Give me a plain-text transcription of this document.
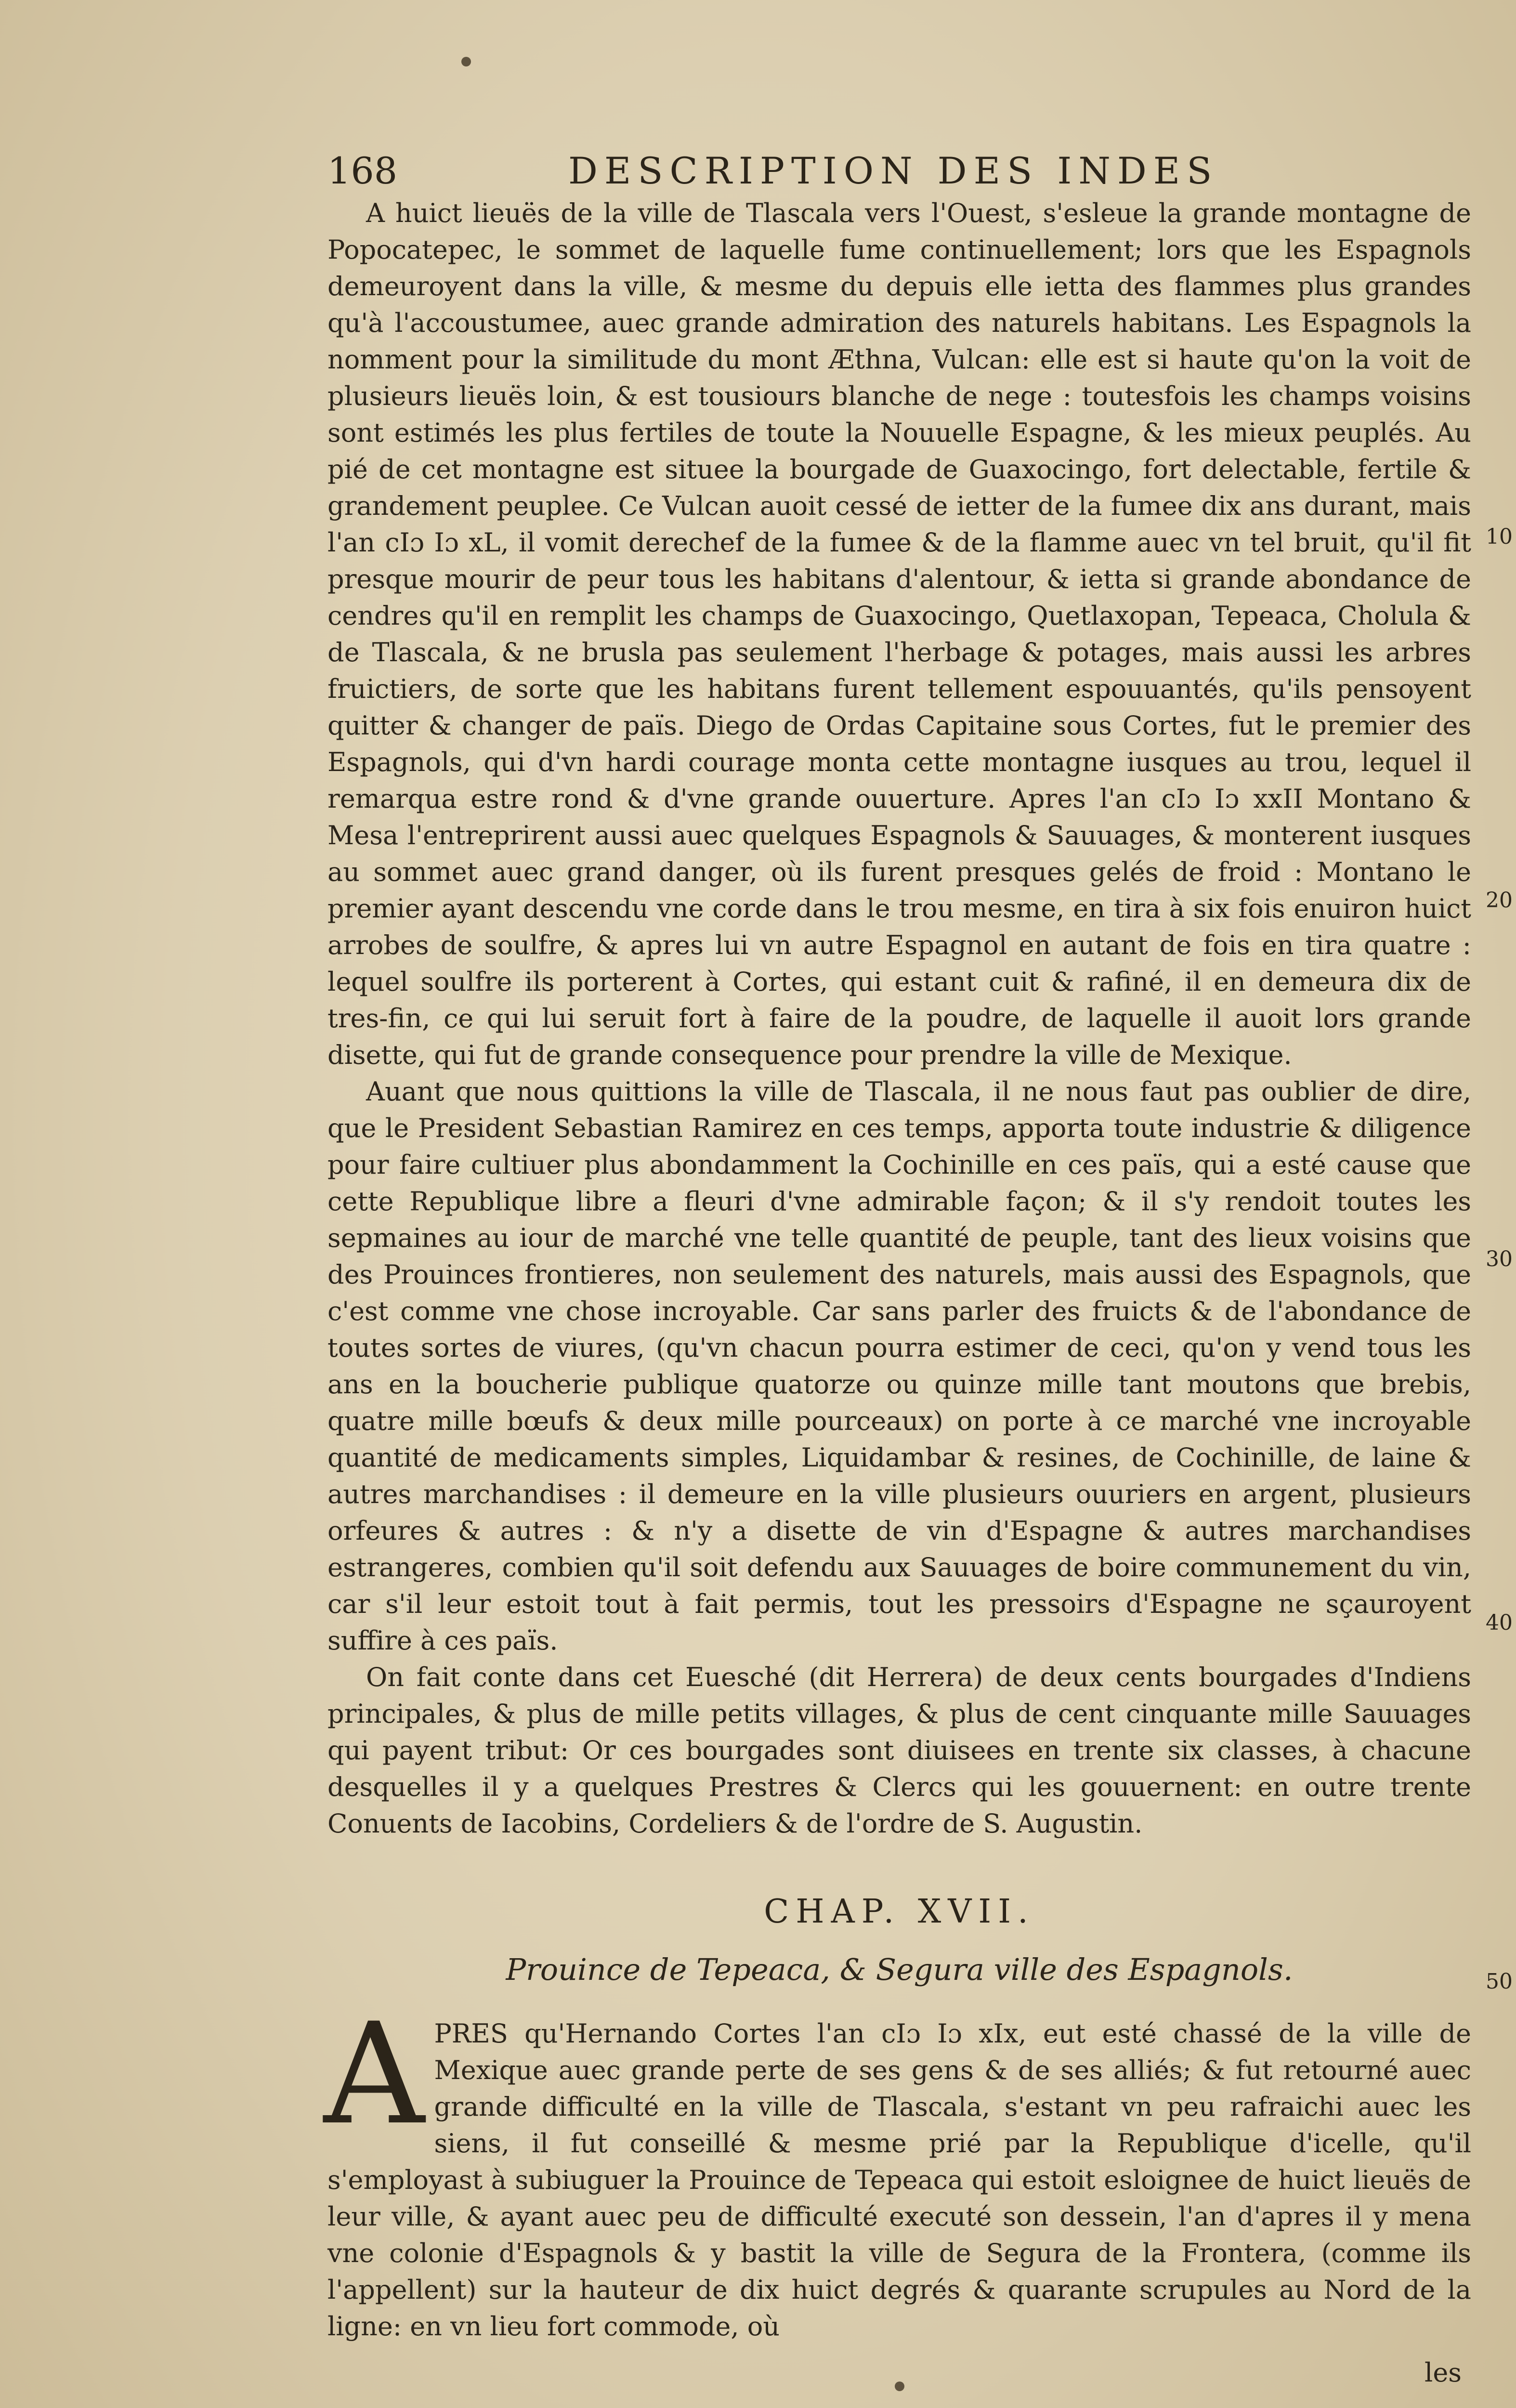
168	DESCRIPTION DES INDES

A huict lieuës de la ville de Tlascala vers l'Ouest, s'esleue la grande montagne de Popocatepec, le sommet de laquelle fume continuellement; lors que les Espagnols demeuroyent dans la ville, & mesme du depuis elle ietta des flammes plus grandes qu'à l'accoustumee, auec grande admiration des naturels habitans. Les Espagnols la nomment pour la similitude du mont Æthna, Vulcan: elle est si haute qu'on la voit de plusieurs lieuës loin, & est tousiours blanche de nege : toutesfois les champs voisins sont estimés les plus fertiles de toute la Nouuelle Espagne, & les mieux peuplés. Au pié de cet montagne est situee la bourgade de Guaxocingo, fort delectable, fertile & grandement peuplee. Ce Vulcan auoit cessé de ietter de la fumee dix ans durant, mais l'an cIɔ Iɔ xL, il vomit derechef de la fumee & de la flamme auec vn tel bruit, qu'il fit presque mourir de peur tous les habitans d'alentour, & ietta si grande abondance de cendres qu'il en remplit les champs de Guaxocingo, Quetlaxopan, Tepeaca, Cholula & de Tlascala, & ne brusla pas seulement l'herbage & potages, mais aussi les arbres fruictiers, de sorte que les habitans furent tellement espouuantés, qu'ils pensoyent quitter & changer de païs. Diego de Ordas Capitaine sous Cortes, fut le premier des Espagnols, qui d'vn hardi courage monta cette montagne iusques au trou, lequel il remarqua estre rond & d'vne grande ouuerture. Apres l'an cIɔ Iɔ xxII Montano & Mesa l'entreprirent aussi auec quelques Espagnols & Sauuages, & monterent iusques au sommet auec grand danger, où ils furent presques gelés de froid : Montano le premier ayant descendu vne corde dans le trou mesme, en tira à six fois enuiron huict arrobes de soulfre, & apres lui vn autre Espagnol en autant de fois en tira quatre : lequel soulfre ils porterent à Cortes, qui estant cuit & rafiné, il en demeura dix de tres-fin, ce qui lui seruit fort à faire de la poudre, de laquelle il auoit lors grande disette, qui fut de grande consequence pour prendre la ville de Mexique.

Auant que nous quittions la ville de Tlascala, il ne nous faut pas oublier de dire, que le President Sebastian Ramirez en ces temps, apporta toute industrie & diligence pour faire cultiuer plus abondamment la Cochinille en ces païs, qui a esté cause que cette Republique libre a fleuri d'vne admirable façon; & il s'y rendoit toutes les sepmaines au iour de marché vne telle quantité de peuple, tant des lieux voisins que des Prouinces frontieres, non seulement des naturels, mais aussi des Espagnols, que c'est comme vne chose incroyable. Car sans parler des fruicts & de l'abondance de toutes sortes de viures, (qu'vn chacun pourra estimer de ceci, qu'on y vend tous les ans en la boucherie publique quatorze ou quinze mille tant moutons que brebis, quatre mille bœufs & deux mille pourceaux) on porte à ce marché vne incroyable quantité de medicaments simples, Liquidambar & resines, de Cochinille, de laine & autres marchandises : il demeure en la ville plusieurs ouuriers en argent, plusieurs orfeures & autres : & n'y a disette de vin d'Espagne & autres marchandises estrangeres, combien qu'il soit defendu aux Sauuages de boire communement du vin, car s'il leur estoit tout à fait permis, tout les pressoirs d'Espagne ne sçauroyent suffire à ces païs.

On fait conte dans cet Euesché (dit Herrera) de deux cents bourgades d'Indiens principales, & plus de mille petits villages, & plus de cent cinquante mille Sauuages qui payent tribut: Or ces bourgades sont diuisees en trente six classes, à chacune desquelles il y a quelques Prestres & Clercs qui les gouuernent: en outre trente Conuents de Iacobins, Cordeliers & de l'ordre de S. Augustin.

CHAP. XVII.
Prouince de Tepeaca, & Segura ville des Espagnols.

A PRES qu'Hernando Cortes l'an cIɔ Iɔ xIx, eut esté chassé de la ville de Mexique auec grande perte de ses gens & de ses alliés; & fut retourné auec grande difficulté en la ville de Tlascala, s'estant vn peu rafraichi auec les siens, il fut conseillé & mesme prié par la Republique d'icelle, qu'il s'employast à subiuguer la Prouince de Tepeaca qui estoit esloignee de huict lieuës de leur ville, & ayant auec peu de difficulté executé son dessein, l'an d'apres il y mena vne colonie d'Espagnols & y bastit la ville de Segura de la Frontera, (comme ils l'appellent) sur la hauteur de dix huict degrés & quarante scrupules au Nord de la ligne: en vn lieu fort commode, où

les
10
20
30
40
50
